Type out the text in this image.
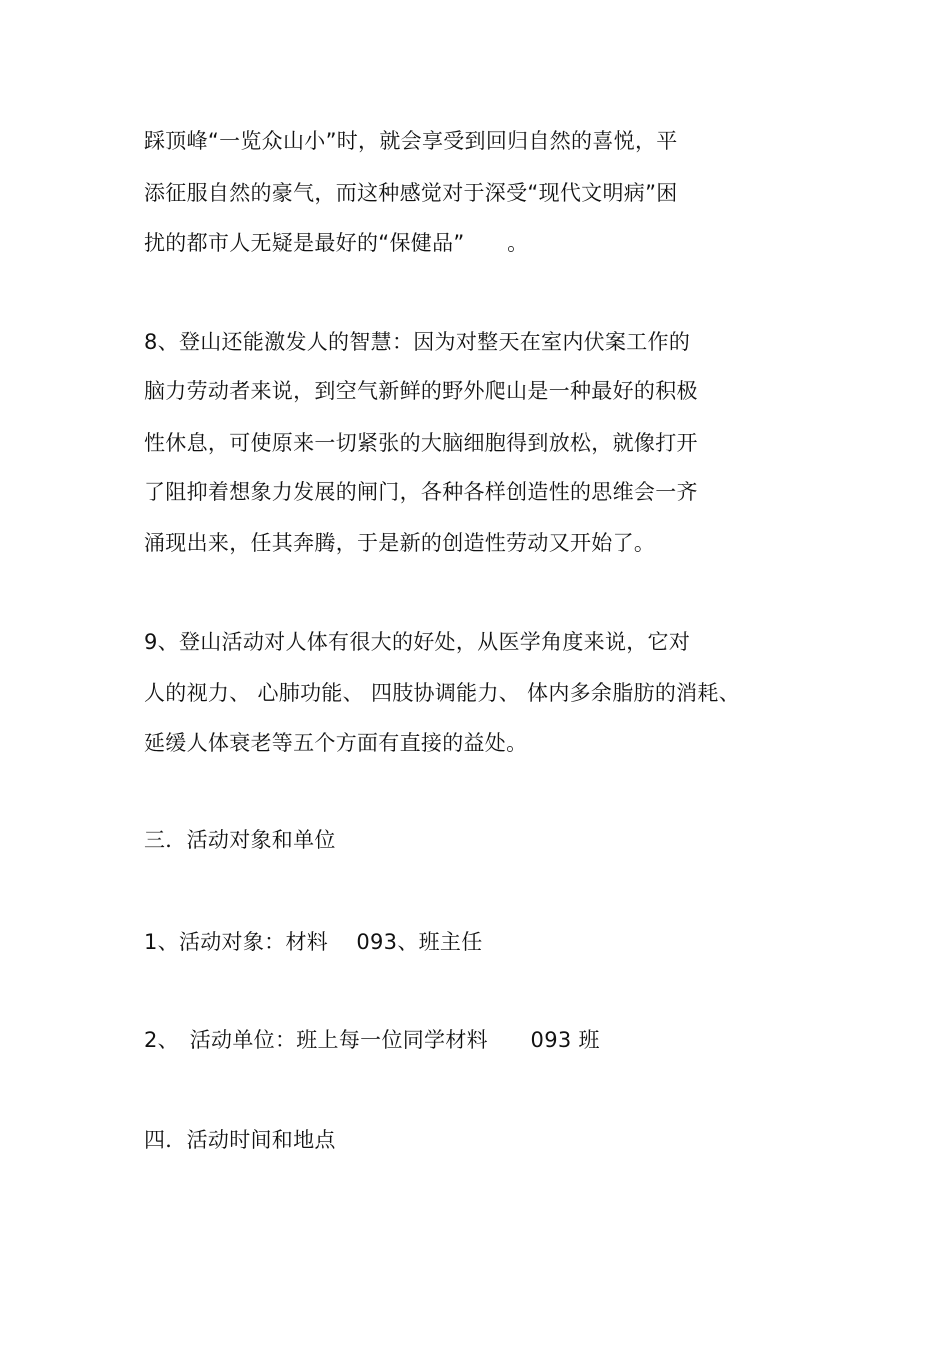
踩顶峰“一览众山小”时，就会享受到回归自然的喜悦，平
添征服自然的豪气，而这种感觉对于深受“现代文明病”困
扰的都市人无疑是最好的“保健品”　　。
8、登山还能激发人的智慧：因为对整天在室内伏案工作的
脑力劳动者来说，到空气新鲜的野外爬山是一种最好的积极
性休息，可使原来一切紧张的大脑细胞得到放松，就像打开
了阻抑着想象力发展的闸门，各种各样创造性的思维会一齐
涌现出来，任其奔腾，于是新的创造性劳动又开始了。
9、登山活动对人体有很大的好处，从医学角度来说，它对
人的视力、 心肺功能、 四肢协调能力、 体内多余脂肪的消耗、
延缓人体衰老等五个方面有直接的益处。
三．活动对象和单位
1、活动对象：材料　 093、班主任
2、　活动单位：班上每一位同学材料　　093 班
四．活动时间和地点
